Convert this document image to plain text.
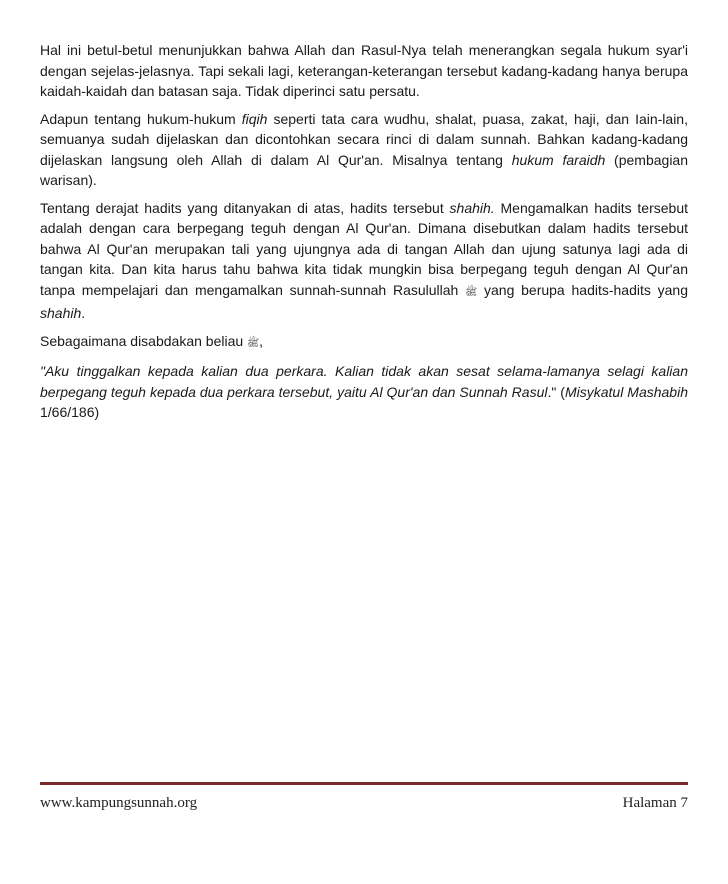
Hal ini betul-betul menunjukkan bahwa Allah dan Rasul-Nya telah menerangkan segala hukum syar'i dengan sejelas-jelasnya. Tapi sekali lagi, keterangan-keterangan tersebut kadang-kadang hanya berupa kaidah-kaidah dan batasan saja. Tidak diperinci satu persatu.

Adapun tentang hukum-hukum fiqih seperti tata cara wudhu, shalat, puasa, zakat, haji, dan Iain-lain, semuanya sudah dijelaskan dan dicontohkan secara rinci di dalam sunnah. Bahkan kadang-kadang dijelaskan langsung oleh Allah di dalam Al Qur'an. Misalnya tentang hukum faraidh (pembagian warisan).

Tentang derajat hadits yang ditanyakan di atas, hadits tersebut shahih. Mengamalkan hadits tersebut adalah dengan cara berpegang teguh dengan Al Qur'an. Dimana disebutkan dalam hadits tersebut bahwa Al Qur'an merupakan tali yang ujungnya ada di tangan Allah dan ujung satunya lagi ada di tangan kita. Dan kita harus tahu bahwa kita tidak mungkin bisa berpegang teguh dengan Al Qur'an tanpa mempelajari dan mengamalkan sunnah-sunnah Rasulullah ﷺ yang berupa hadits-hadits yang shahih.

Sebagaimana disabdakan beliau ﷺ,

"Aku tinggalkan kepada kalian dua perkara. Kalian tidak akan sesat selama-lamanya selagi kalian berpegang teguh kepada dua perkara tersebut, yaitu Al Qur'an dan Sunnah Rasul." (Misykatul Mashabih 1/66/186)

www.kampungsunnah.org	Halaman 7
